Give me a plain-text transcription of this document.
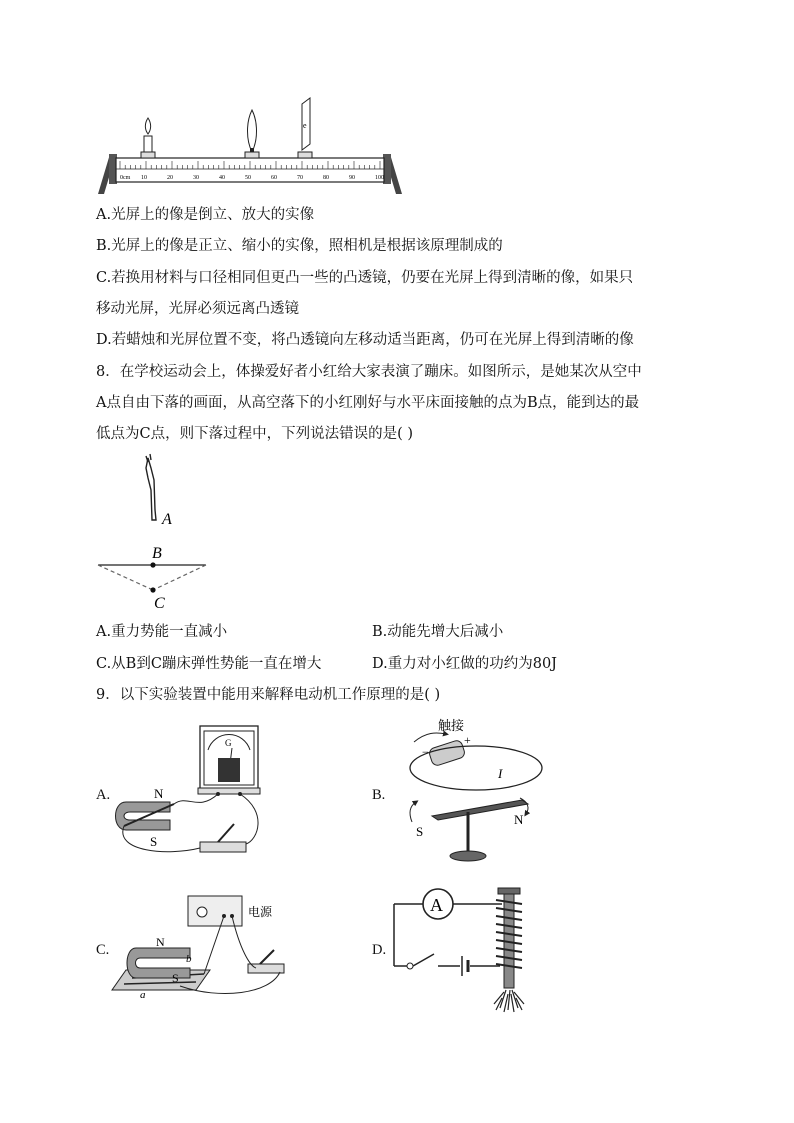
0cm 10	20	30	40	50	60	70	80	90	100
e
A.光屏上的像是倒立、放大的实像
B.光屏上的像是正立、缩小的实像，照相机是根据该原理制成的
C.若换用材料与口径相同但更凸一些的凸透镜，仍要在光屏上得到清晰的像，如果只
移动光屏，光屏必须远离凸透镜
D.若蜡烛和光屏位置不变，将凸透镜向左移动适当距离，仍可在光屏上得到清晰的像
8．在学校运动会上，体操爱好者小红给大家表演了蹦床。如图所示，是她某次从空中
A点自由下落的画面，从高空落下的小红刚好与水平床面接触的点为B点，能到达的最
低点为C点，则下落过程中，下列说法错误的是( )
A
B
C
A.重力势能一直减小	B.动能先增大后减小
C.从B到C蹦床弹性势能一直在增大	D.重力对小红做的功约为80J
9．以下实验装置中能用来解释电动机工作原理的是( )
A.	B.
C.	D.
G
N
S
触接
−
+
I
S
N
电源
N
S
a
b
A
